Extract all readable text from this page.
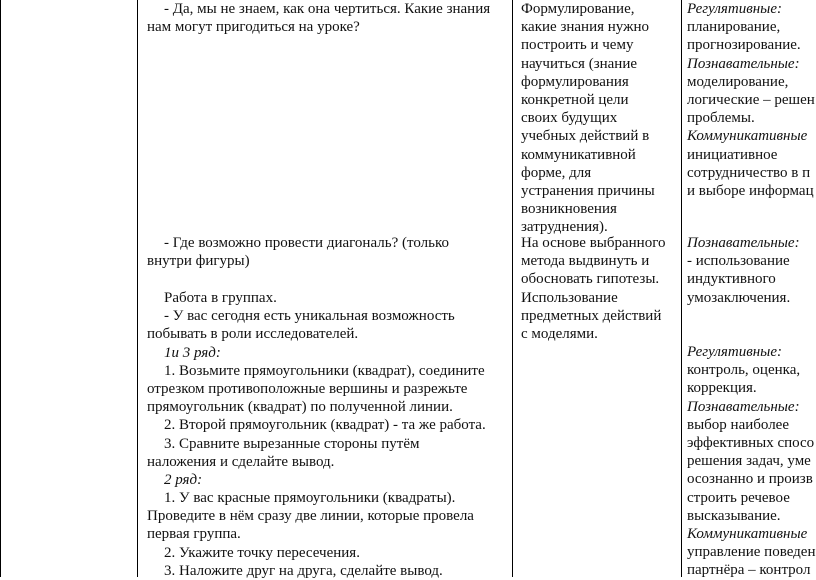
- Да, мы не знаем, как она чертиться. Какие знания
нам могут пригодиться на уроке?
- Где возможно провести диагональ? (только
внутри фигуры)
Работа в группах.
- У вас сегодня есть уникальная возможность
побывать в роли исследователей.
1и 3 ряд:
1. Возьмите прямоугольники (квадрат), соедините
отрезком противоположные вершины и разрежьте
прямоугольник (квадрат) по полученной линии.
2. Второй прямоугольник (квадрат) - та же работа.
3. Сравните вырезанные стороны путём
наложения и сделайте вывод.
2 ряд:
1. У вас красные прямоугольники (квадраты).
Проведите в нём сразу две линии, которые провела
первая группа.
2. Укажите точку пересечения.
3. Наложите друг на друга, сделайте вывод.
Формулирование,
какие знания нужно
построить и чему
научиться (знание
формулирования
конкретной цели
своих будущих
учебных действий в
коммуникативной
форме, для
устранения причины
возникновения
затруднения).
На основе выбранного
метода выдвинуть и
обосновать гипотезы.
Использование
предметных действий
с моделями.
Регулятивные:
планирование,
прогнозирование.
Познавательные:
моделирование,
логические – решен
проблемы.
Коммуникативные
инициативное
сотрудничество в п
и выборе информац
Познавательные:
- использование
индуктивного
умозаключения.
Регулятивные:
контроль, оценка,
коррекция.
Познавательные:
выбор наиболее
эффективных спосо
решения задач, уме
осознанно и произв
строить речевое
высказывание.
Коммуникативные
управление поведен
партнёра – контрол
